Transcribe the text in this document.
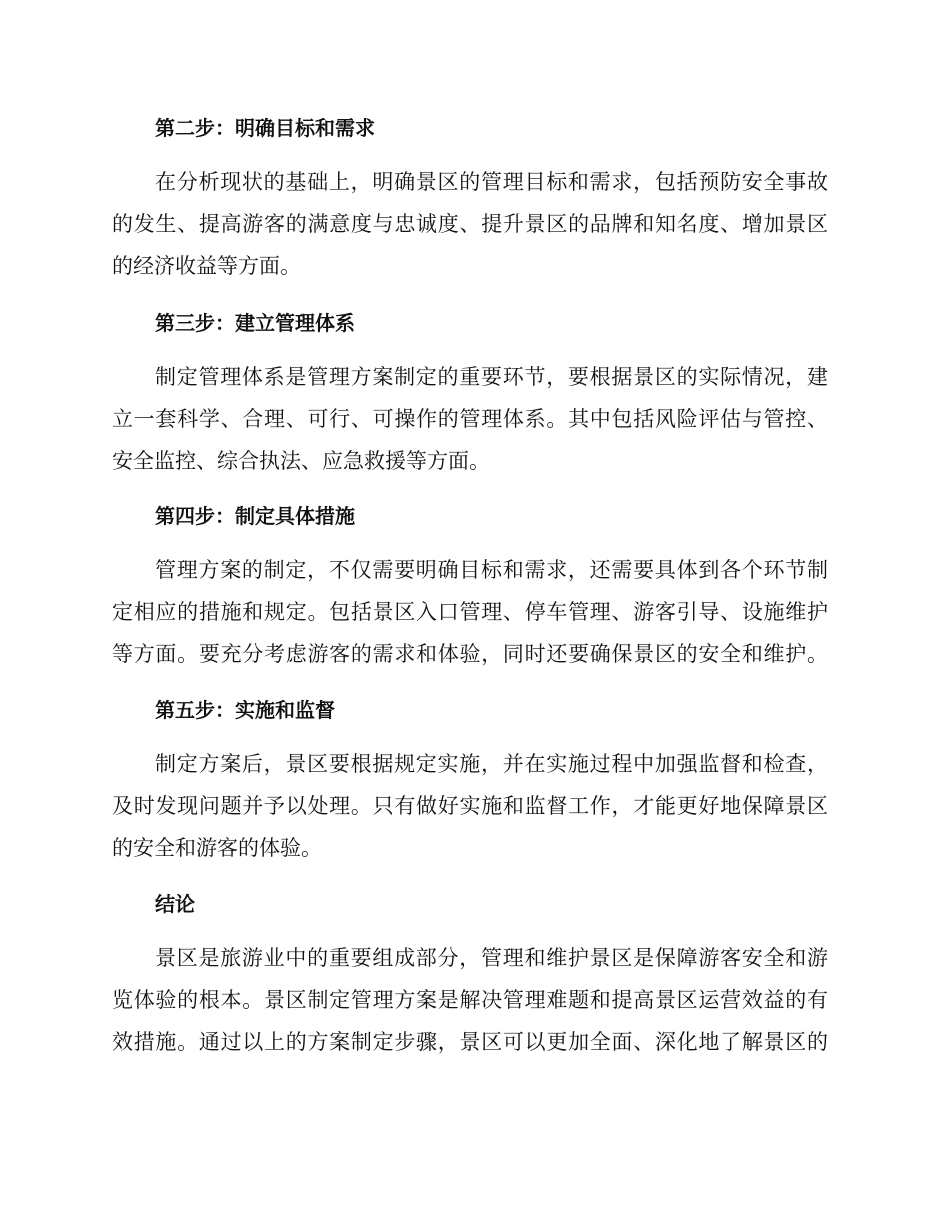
第二步：明确目标和需求
在分析现状的基础上，明确景区的管理目标和需求，包括预防安全事故
的发生、提高游客的满意度与忠诚度、提升景区的品牌和知名度、增加景区
的经济收益等方面。
第三步：建立管理体系
制定管理体系是管理方案制定的重要环节，要根据景区的实际情况，建
立一套科学、合理、可行、可操作的管理体系。其中包括风险评估与管控、
安全监控、综合执法、应急救援等方面。
第四步：制定具体措施
管理方案的制定，不仅需要明确目标和需求，还需要具体到各个环节制
定相应的措施和规定。包括景区入口管理、停车管理、游客引导、设施维护
等方面。要充分考虑游客的需求和体验，同时还要确保景区的安全和维护。
第五步：实施和监督
制定方案后，景区要根据规定实施，并在实施过程中加强监督和检查，
及时发现问题并予以处理。只有做好实施和监督工作，才能更好地保障景区
的安全和游客的体验。
结论
景区是旅游业中的重要组成部分，管理和维护景区是保障游客安全和游
览体验的根本。景区制定管理方案是解决管理难题和提高景区运营效益的有
效措施。通过以上的方案制定步骤，景区可以更加全面、深化地了解景区的
